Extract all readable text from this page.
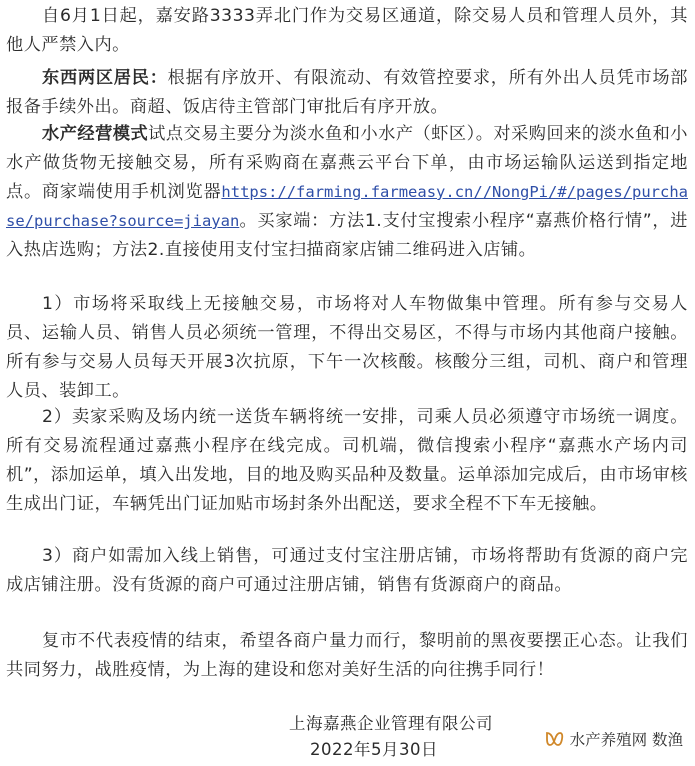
自6月1日起，嘉安路3333弄北门作为交易区通道，除交易人员和管理人员外，其他人严禁入内。

东西两区居民：根据有序放开、有限流动、有效管控要求，所有外出人员凭市场部报备手续外出。商超、饭店待主管部门审批后有序开放。

水产经营模式试点交易主要分为淡水鱼和小水产（虾区）。对采购回来的淡水鱼和小水产做货物无接触交易，所有采购商在嘉燕云平台下单，由市场运输队运送到指定地点。商家端使用手机浏览器https://farming.farmeasy.cn//NongPi/#/pages/purchase/purchase?source=jiayan。买家端：方法1.支付宝搜索小程序“嘉燕价格行情”，进入热店选购；方法2.直接使用支付宝扫描商家店铺二维码进入店铺。

1）市场将采取线上无接触交易，市场将对人车物做集中管理。所有参与交易人员、运输人员、销售人员必须统一管理，不得出交易区，不得与市场内其他商户接触。所有参与交易人员每天开展3次抗原，下午一次核酸。核酸分三组，司机、商户和管理人员、装卸工。

2）卖家采购及场内统一送货车辆将统一安排，司乘人员必须遵守市场统一调度。所有交易流程通过嘉燕小程序在线完成。司机端，微信搜索小程序“嘉燕水产场内司机”，添加运单，填入出发地，目的地及购买品种及数量。运单添加完成后，由市场审核生成出门证，车辆凭出门证加贴市场封条外出配送，要求全程不下车无接触。

3）商户如需加入线上销售，可通过支付宝注册店铺，市场将帮助有货源的商户完成店铺注册。没有货源的商户可通过注册店铺，销售有货源商户的商品。

复市不代表疫情的结束，希望各商户量力而行，黎明前的黑夜要摆正心态。让我们共同努力，战胜疫情，为上海的建设和您对美好生活的向往携手同行！

上海嘉燕企业管理有限公司
2022年5月30日	水产养殖网 数渔
